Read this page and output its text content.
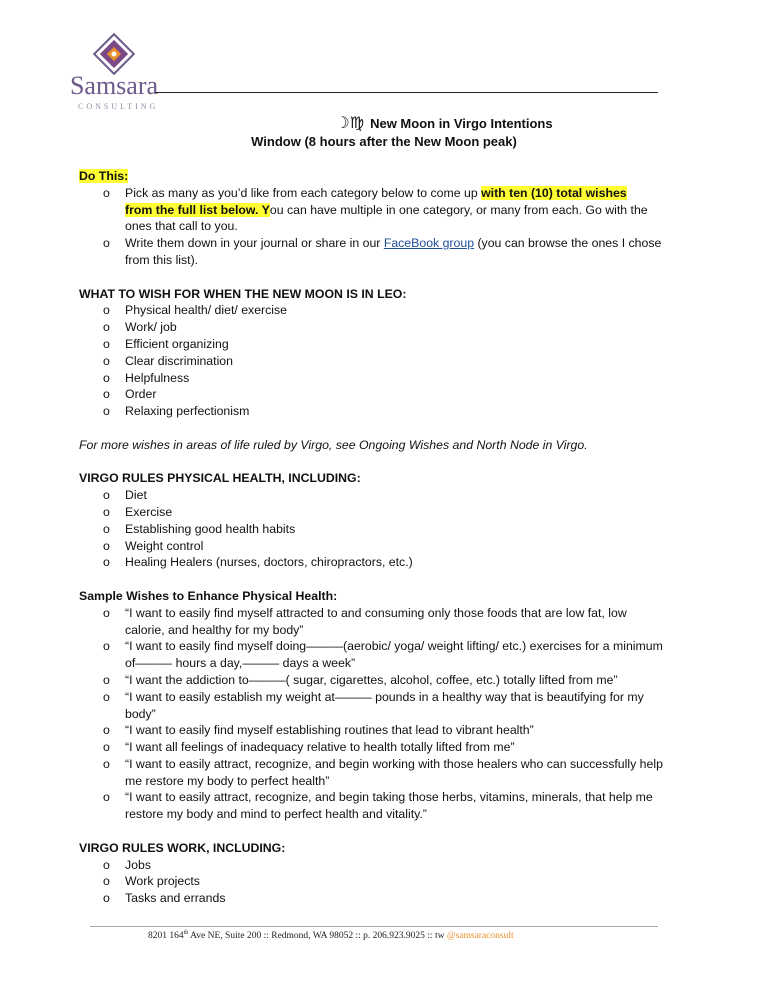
Samsara
CONSULTING
☽♍ New Moon in Virgo Intentions
Window (8 hours after the New Moon peak)

Do This:

o Pick as many as you’d like from each category below to come up with ten (10) total wishes
from the full list below. You can have multiple in one category, or many from each. Go with the ones that call to you.
o Write them down in your journal or share in our FaceBook group (you can browse the ones I chose from this list).

WHAT TO WISH FOR WHEN THE NEW MOON IS IN LEO:

o Physical health/ diet/ exercise
o Work/ job
o Efficient organizing
o Clear discrimination
o Helpfulness
o Order
o Relaxing perfectionism

For more wishes in areas of life ruled by Virgo, see Ongoing Wishes and North Node in Virgo.

VIRGO RULES PHYSICAL HEALTH, INCLUDING:

o Diet
o Exercise
o Establishing good health habits
o Weight control
o Healing Healers (nurses, doctors, chiropractors, etc.)

Sample Wishes to Enhance Physical Health:

o “I want to easily find myself attracted to and consuming only those foods that are low fat, low calorie, and healthy for my body”
o “I want to easily find myself doing———(aerobic/ yoga/ weight lifting/ etc.) exercises for a minimum of——— hours a day,——— days a week”
o “I want the addiction to———( sugar, cigarettes, alcohol, coffee, etc.) totally lifted from me”
o “I want to easily establish my weight at——— pounds in a healthy way that is beautifying for my body”
o “I want to easily find myself establishing routines that lead to vibrant health”
o “I want all feelings of inadequacy relative to health totally lifted from me”
o “I want to easily attract, recognize, and begin working with those healers who can successfully help me restore my body to perfect health”
o “I want to easily attract, recognize, and begin taking those herbs, vitamins, minerals, that help me restore my body and mind to perfect health and vitality.”

VIRGO RULES WORK, INCLUDING:

o Jobs
o Work projects
o Tasks and errands
8201 164th Ave NE, Suite 200 :: Redmond, WA 98052 :: p. 206.923.9025 :: tw @samsaraconsult
